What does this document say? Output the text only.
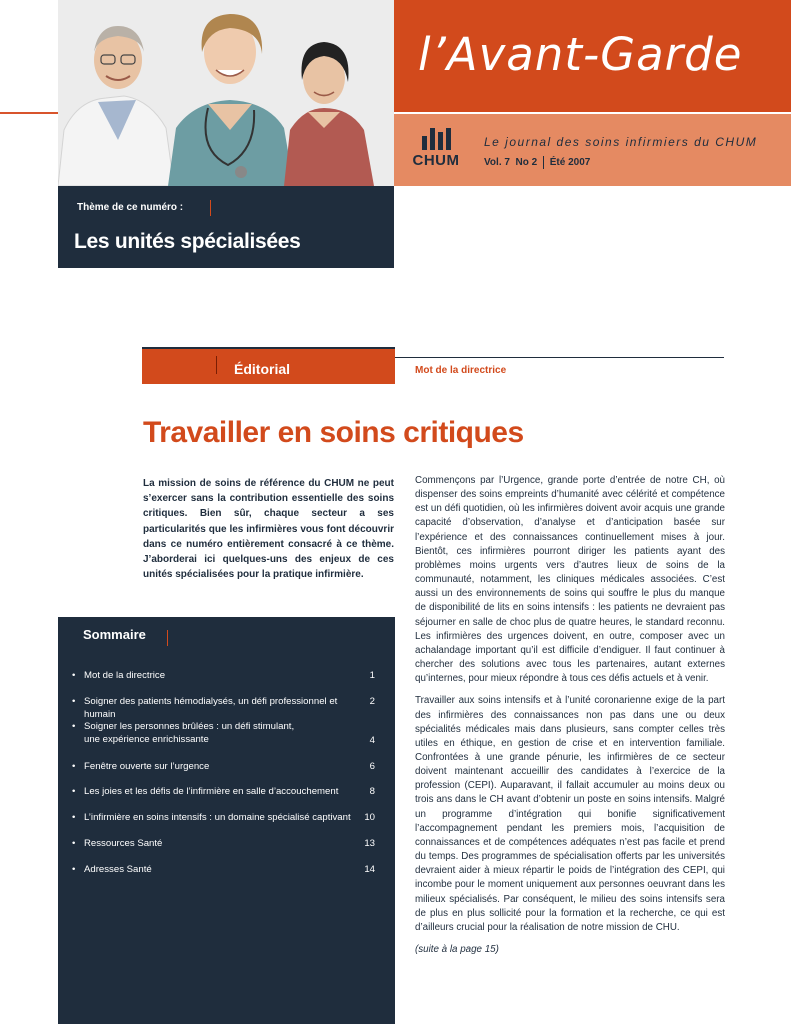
l’Avant-Garde
CHUM
Le journal des soins infirmiers du CHUM
Vol. 7 No 2 Été 2007
Thème de ce numéro :
Les unités spécialisées
Éditorial	Mot de la directrice
Travailler en soins critiques

La mission de soins de référence du CHUM ne peut s’exercer sans la contribution essentielle des soins critiques. Bien sûr, chaque secteur a ses particularités que les infirmières vous font découvrir dans ce numéro entièrement consacré à ce thème. J’aborderai ici quelques-uns des enjeux de ces unités spécialisées pour la pratique infirmière.

Sommaire
• Mot de la directrice	1
• Soigner des patients hémodialysés, un défi professionnel et humain
2
• Soigner les personnes brûlées : un défi stimulant,
une expérience enrichissante	4
• Fenêtre ouverte sur l’urgence	6
• Les joies et les défis de l’infirmière en salle d’accouchement	8
• L’infirmière en soins intensifs : un domaine spécialisé captivant	10
• Ressources Santé	13
• Adresses Santé	14

Commençons par l’Urgence, grande porte d’entrée de notre CH, où dispenser des soins empreints d’humanité avec célérité et compétence est un défi quotidien, où les infirmières doivent avoir acquis une grande capacité d’observation, d’analyse et d’anticipation basée sur l’expérience et des connaissances continuellement mises à jour. Bientôt, ces infirmières pourront diriger les patients ayant des problèmes moins urgents vers d’autres lieux de soins de la communauté, notamment, les cliniques médicales associées. C’est aussi un des environnements de soins qui souffre le plus du manque de disponibilité de lits en soins intensifs : les patients ne devraient pas séjourner en salle de choc plus de quatre heures, le standard reconnu. Les infirmières des urgences doivent, en outre, composer avec un achalandage important qu’il est difficile d’endiguer. Il faut continuer à chercher des solutions avec tous les partenaires, autant externes qu’internes, pour mieux répondre à tous ces défis actuels et à venir.

Travailler aux soins intensifs et à l’unité coronarienne exige de la part des infirmières des connaissances non pas dans une ou deux spécialités médicales mais dans plusieurs, sans compter celles très utiles en éthique, en gestion de crise et en intervention familiale. Confrontées à une grande pénurie, les infirmières de ce secteur doivent maintenant accueillir des candidates à l’exercice de la profession (CEPI). Auparavant, il fallait accumuler au moins deux ou trois ans dans le CH avant d’obtenir un poste en soins intensifs. Malgré un programme d’intégration qui bonifie significativement l’accompagnement pendant les premiers mois, l’acquisition de connaissances et de compétences adéquates n’est pas facile et prend du temps. Des programmes de spécialisation offerts par les universités devraient aider à mieux répartir le poids de l’intégration des CEPI, qui incombe pour le moment uniquement aux personnes oeuvrant dans les milieux spécialisés. Par conséquent, le milieu des soins intensifs sera de plus en plus sollicité pour la formation et la recherche, ce qui est d’ailleurs crucial pour la réalisation de notre mission de CHU.

(suite à la page 15)
